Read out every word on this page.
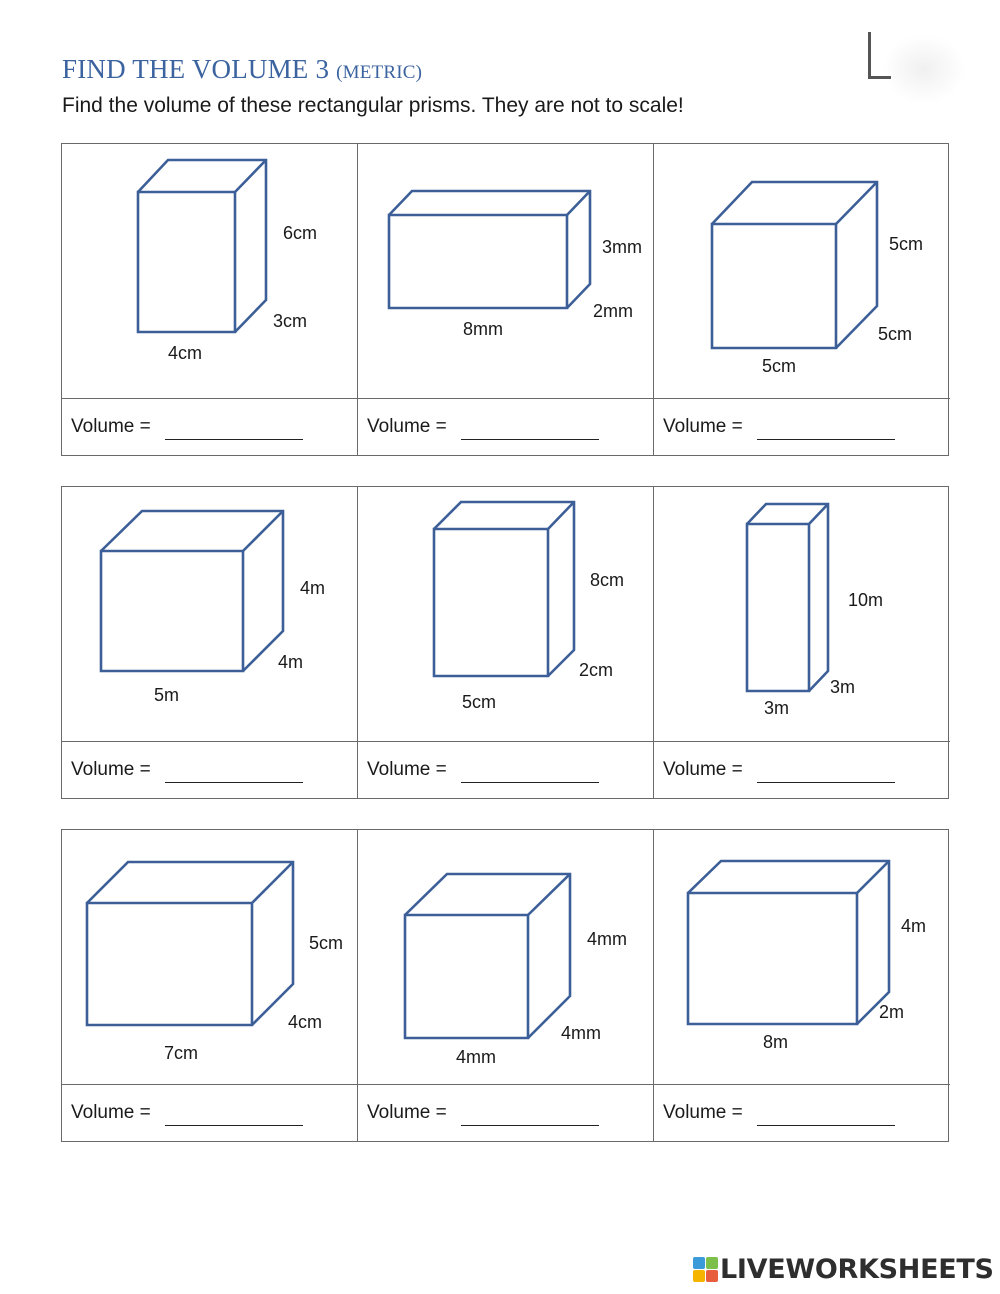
FIND THE VOLUME 3 (METRIC)

Find the volume of these rectangular prisms. They are not to scale!

6cm
3cm
4cm
Volume =
3mm
2mm
8mm
Volume =
5cm
5cm
5cm
Volume =
4m
4m
5m
Volume =
8cm
2cm
5cm
Volume =
10m
3m
3m
Volume =
5cm
4cm
7cm
Volume =
4mm
4mm
4mm
Volume =
4m
2m
8m
Volume =
LIVEWORKSHEETS
